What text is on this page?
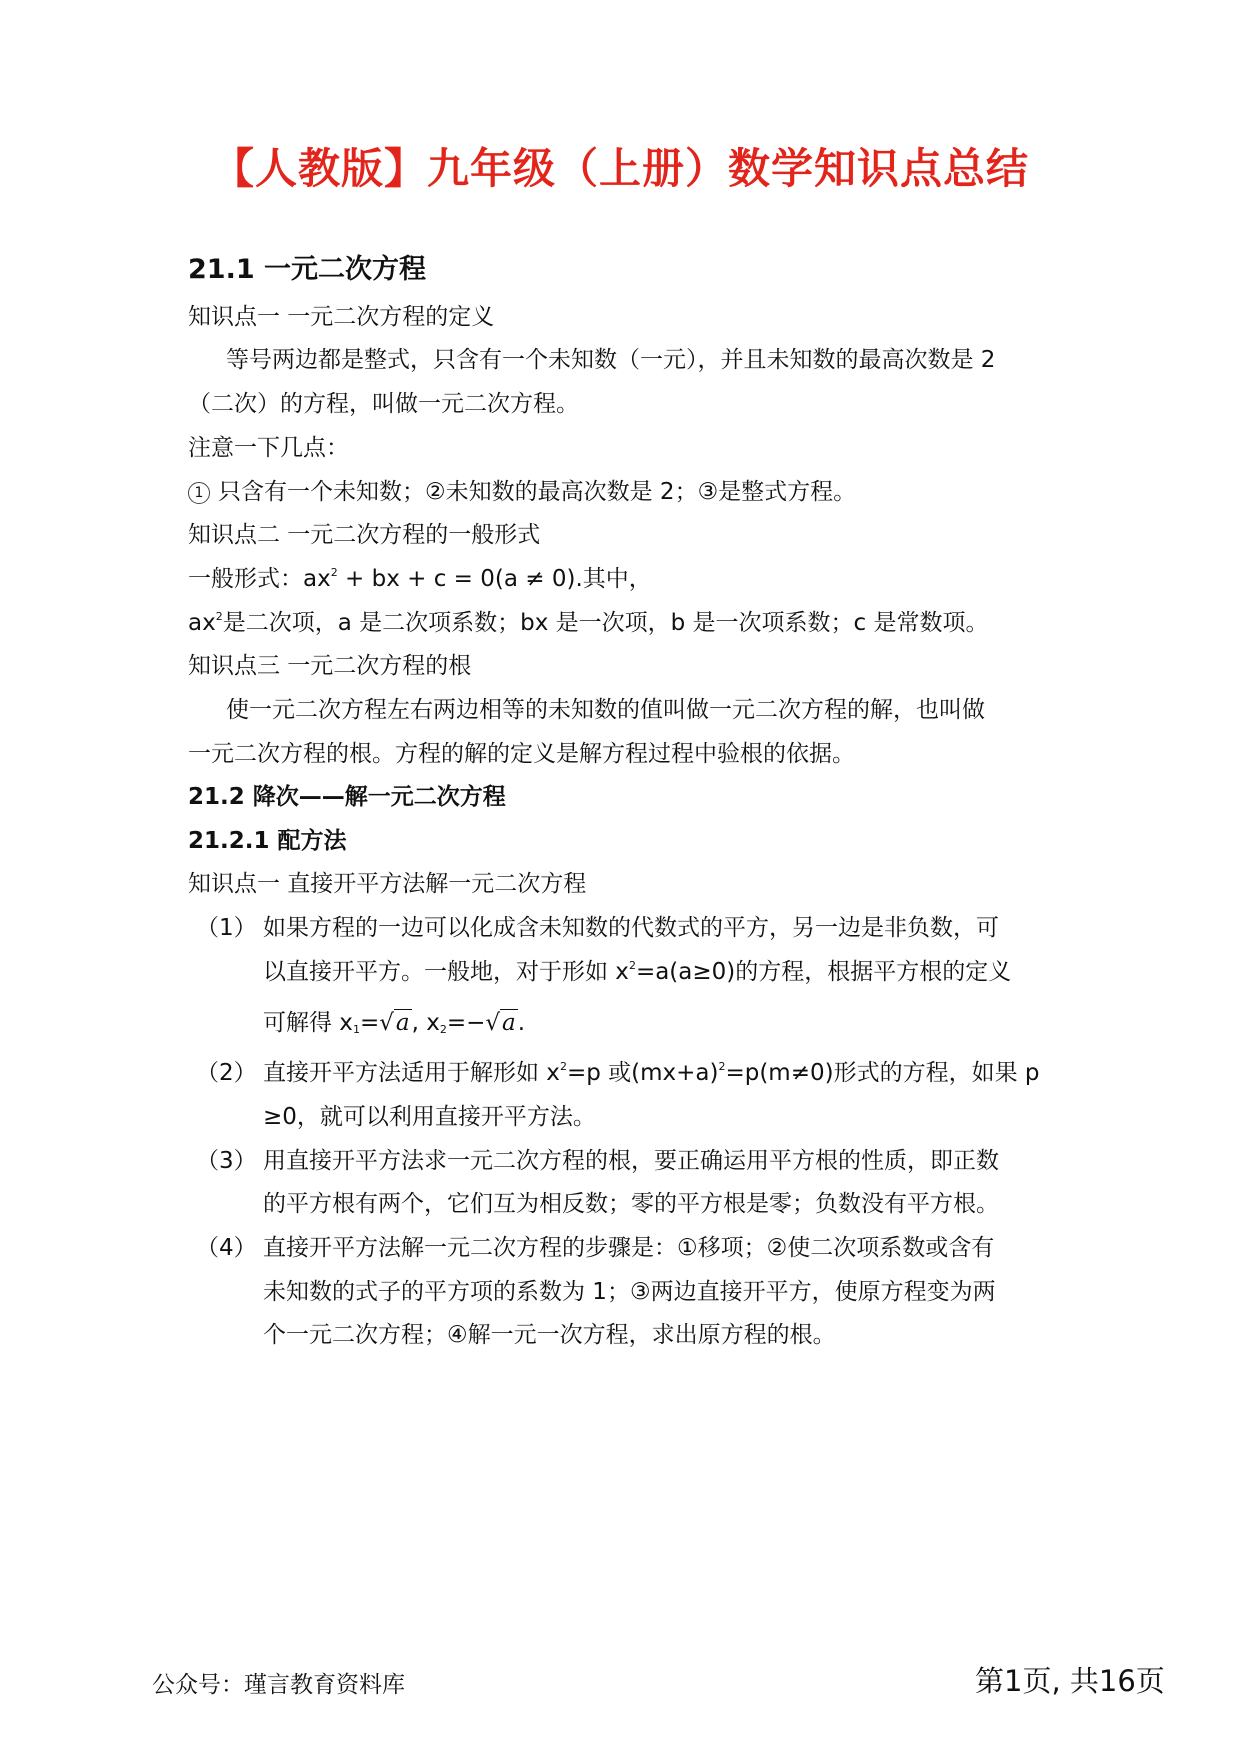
【人教版】九年级（上册）数学知识点总结
21.1 一元二次方程
知识点一 一元二次方程的定义
等号两边都是整式，只含有一个未知数（一元），并且未知数的最高次数是 2
（二次）的方程，叫做一元二次方程。
注意一下几点：
1 只含有一个未知数；②未知数的最高次数是 2；③是整式方程。
知识点二 一元二次方程的一般形式
一般形式：$ax^2$ + bx + c = 0(a ≠ 0).其中，
$ax^2$是二次项，a 是二次项系数；bx 是一次项，b 是一次项系数；c 是常数项。
知识点三 一元二次方程的根
使一元二次方程左右两边相等的未知数的值叫做一元二次方程的解，也叫做
一元二次方程的根。方程的解的定义是解方程过程中验根的依据。
21.2 降次——解一元二次方程
21.2.1 配方法
知识点一 直接开平方法解一元二次方程
（1） 如果方程的一边可以化成含未知数的代数式的平方，另一边是非负数，可
以直接开平方。一般地，对于形如 $x^2=a(a\ge 0)$的方程，根据平方根的定义
可解得 $x_1=√a$, $x_2=-√a$.
（2） 直接开平方法适用于解形如 $x^2=p$ 或$(mx+a)^2=p(m\ne 0)$形式的方程，如果 p
≥0，就可以利用直接开平方法。
（3） 用直接开平方法求一元二次方程的根，要正确运用平方根的性质，即正数
的平方根有两个，它们互为相反数；零的平方根是零；负数没有平方根。
（4） 直接开平方法解一元二次方程的步骤是：①移项；②使二次项系数或含有
未知数的式子的平方项的系数为 1；③两边直接开平方，使原方程变为两
个一元二次方程；④解一元一次方程，求出原方程的根。
公众号：瑾言教育资料库	第1页, 共16页
